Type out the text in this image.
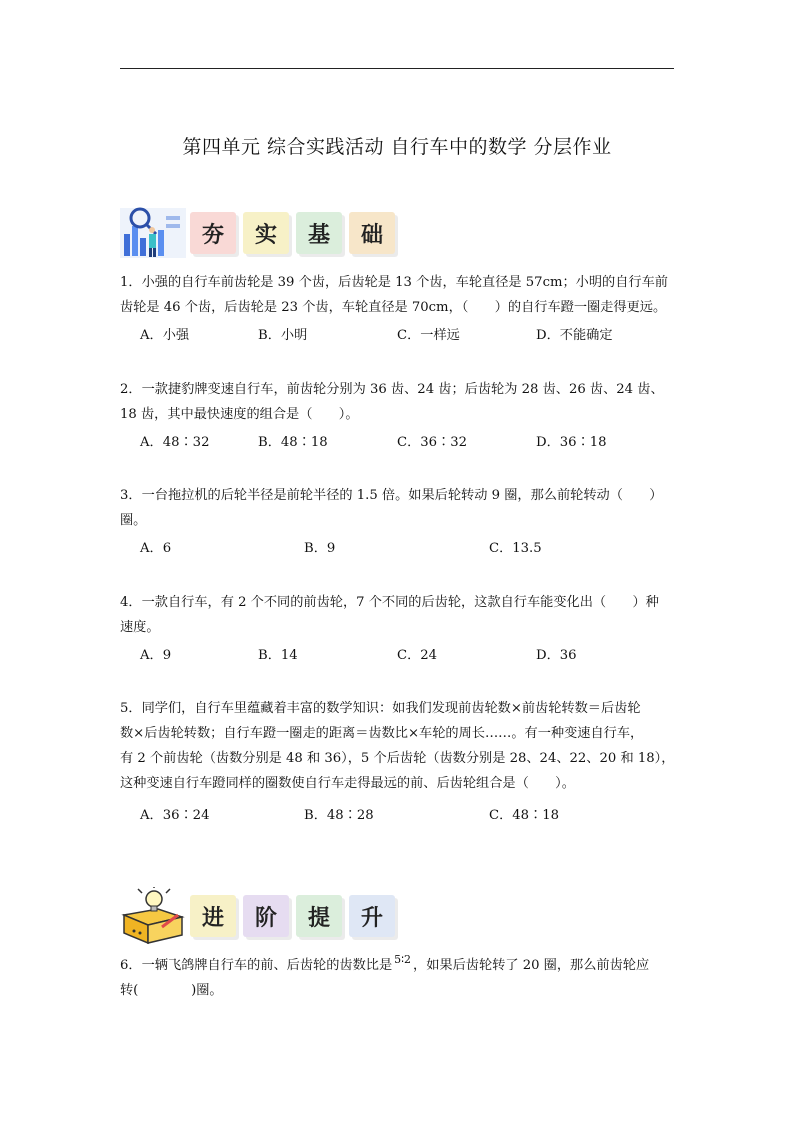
第四单元 综合实践活动 自行车中的数学 分层作业
夯	实	基	础
1．小强的自行车前齿轮是 39 个齿，后齿轮是 13 个齿，车轮直径是 57cm；小明的自行车前
齿轮是 46 个齿，后齿轮是 23 个齿，车轮直径是 70cm，（　　）的自行车蹬一圈走得更远。
A．小强	B．小明	C．一样远	D．不能确定
2．一款捷豹牌变速自行车，前齿轮分别为 36 齿、24 齿；后齿轮为 28 齿、26 齿、24 齿、
18 齿，其中最快速度的组合是（　　）。
A．48∶32	B．48∶18	C．36∶32	D．36∶18
3．一台拖拉机的后轮半径是前轮半径的 1.5 倍。如果后轮转动 9 圈，那么前轮转动（　　）
圈。
A．6	B．9	C．13.5
4．一款自行车，有 2 个不同的前齿轮，7 个不同的后齿轮，这款自行车能变化出（　　）种
速度。
A．9	B．14	C．24	D．36
5．同学们，自行车里蕴藏着丰富的数学知识：如我们发现前齿轮数×前齿轮转数＝后齿轮
数×后齿轮转数；自行车蹬一圈走的距离＝齿数比×车轮的周长……。有一种变速自行车，
有 2 个前齿轮（齿数分别是 48 和 36），5 个后齿轮（齿数分别是 28、24、22、20 和 18），
这种变速自行车蹬同样的圈数使自行车走得最远的前、后齿轮组合是（　　）。
A．36∶24	B．48∶28	C．48∶18
进	阶	提	升
6．一辆飞鸽牌自行车的前、后齿轮的齿数比是 $^{5∶2}$ ，如果后齿轮转了 20 圈，那么前齿轮应
转(　　　　)圈。
